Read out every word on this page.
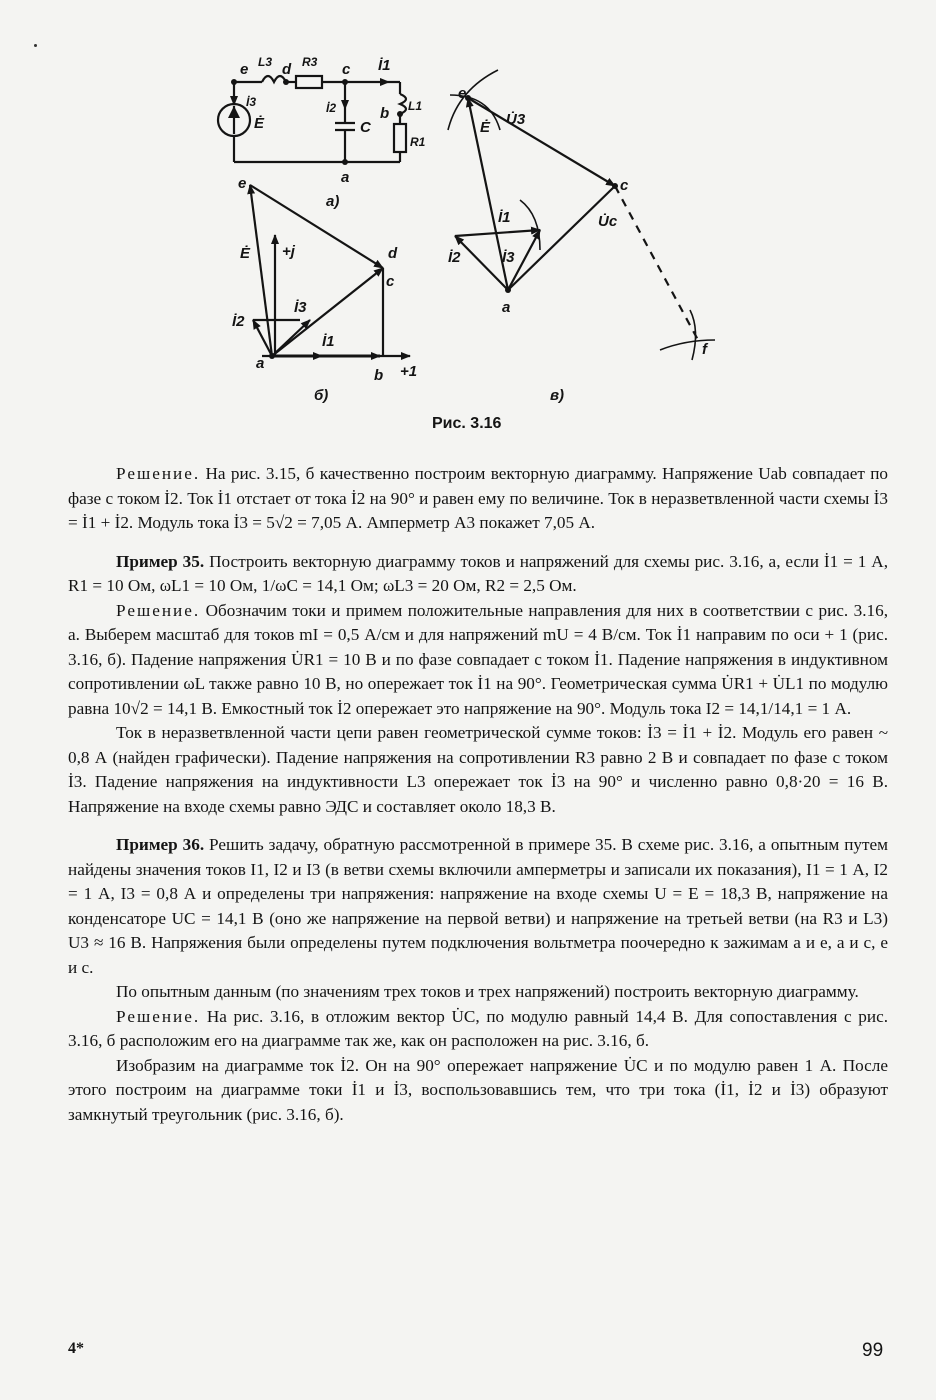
e L3 d R3 c İ1
İ3
Ė
İ2
C
b L1
R1
a
а)
e
Ė +j	d
c
İ3
İ2
İ1
a
b +1
б)
e
Ė U̇3
c
İ1	U̇c
İ2	İ3
a
f
в)
Рис. 3.16

Решение. На рис. 3.15, б качественно построим векторную диаграмму. Напряжение Uab совпадает по фазе с током İ2. Ток İ1 отстает от тока İ2 на 90° и равен ему по величине. Ток в неразветвленной части схемы İ3 = İ1 + İ2. Модуль тока İ3 = 5√2 = 7,05 А. Амперметр A3 покажет 7,05 А.

Пример 35. Построить векторную диаграмму токов и напряжений для схемы рис. 3.16, а, если İ1 = 1 А, R1 = 10 Ом, ωL1 = 10 Ом, 1/ωC = 14,1 Ом; ωL3 = 20 Ом, R2 = 2,5 Ом.

Решение. Обозначим токи и примем положительные направления для них в соответствии с рис. 3.16, а. Выберем масштаб для токов mI = 0,5 А/см и для напряжений mU = 4 В/см. Ток İ1 направим по оси + 1 (рис. 3.16, б). Падение напряжения U̇R1 = 10 В и по фазе совпадает с током İ1. Падение напряжения в индуктивном сопротивлении ωL также равно 10 В, но опережает ток İ1 на 90°. Геометрическая сумма U̇R1 + U̇L1 по модулю равна 10√2 = 14,1 В. Емкостный ток İ2 опережает это напряжение на 90°. Модуль тока I2 = 14,1/14,1 = 1 А.

Ток в неразветвленной части цепи равен геометрической сумме токов: İ3 = İ1 + İ2. Модуль его равен ~ 0,8 А (найден графически). Падение напряжения на сопротивлении R3 равно 2 В и совпадает по фазе с током İ3. Падение напряжения на индуктивности L3 опережает ток İ3 на 90° и численно равно 0,8·20 = 16 В. Напряжение на входе схемы равно ЭДС и составляет около 18,3 В.

Пример 36. Решить задачу, обратную рассмотренной в примере 35. В схеме рис. 3.16, а опытным путем найдены значения токов I1, I2 и I3 (в ветви схемы включили амперметры и записали их показания), I1 = 1 А, I2 = 1 А, I3 = 0,8 А и определены три напряжения: напряжение на входе схемы U = E = 18,3 В, напряжение на конденсаторе UC = 14,1 В (оно же напряжение на первой ветви) и напряжение на третьей ветви (на R3 и L3) U3 ≈ 16 В. Напряжения были определены путем подключения вольтметра поочередно к зажимам а и е, а и с, е и с.

По опытным данным (по значениям трех токов и трех напряжений) построить векторную диаграмму.

Решение. На рис. 3.16, в отложим вектор U̇C, по модулю равный 14,4 В. Для сопоставления с рис. 3.16, б расположим его на диаграмме так же, как он расположен на рис. 3.16, б.

Изобразим на диаграмме ток İ2. Он на 90° опережает напряжение U̇C и по модулю равен 1 А. После этого построим на диаграмме токи İ1 и İ3, воспользовавшись тем, что три тока (İ1, İ2 и İ3) образуют замкнутый треугольник (рис. 3.16, б).

4*	99
